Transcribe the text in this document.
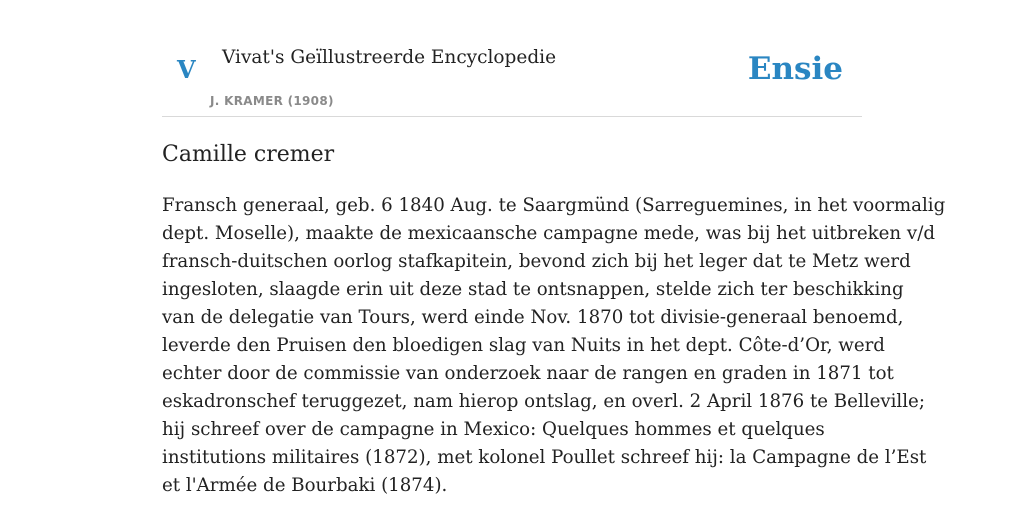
V Vivat's Geïllustreerde Encyclopedie
J. KRAMER (1908)
Ensie
Camille cremer

Fransch generaal, geb. 6 1840 Aug. te Saargmünd (Sarreguemines, in het voormalig
dept. Moselle), maakte de mexicaansche campagne mede, was bij het uitbreken v/d
fransch-duitschen oorlog stafkapitein, bevond zich bij het leger dat te Metz werd
ingesloten, slaagde erin uit deze stad te ontsnappen, stelde zich ter beschikking
van de delegatie van Tours, werd einde Nov. 1870 tot divisie-generaal benoemd,
leverde den Pruisen den bloedigen slag van Nuits in het dept. Côte-d’Or, werd
echter door de commissie van onderzoek naar de rangen en graden in 1871 tot
eskadronschef teruggezet, nam hierop ontslag, en overl. 2 April 1876 te Belleville;
hij schreef over de campagne in Mexico: Quelques hommes et quelques
institutions militaires (1872), met kolonel Poullet schreef hij: la Campagne de l’Est
et l'Armée de Bourbaki (1874).
